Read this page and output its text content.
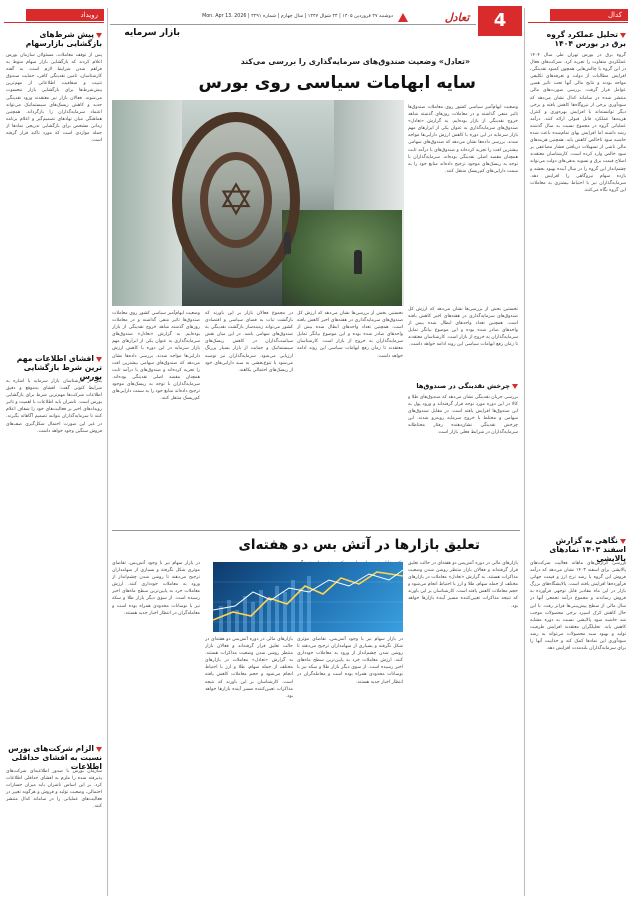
کدال
تحلیل عملکرد گروه برق در بورس ۱۴۰۴
گروه برق در بورس تهران طی سال ۱۴۰۴ عملکردی متفاوت را تجربه کرد. شرکت‌های فعال در این گروه با چالش‌هایی همچون کمبود نقدینگی، افزایش مطالبات از دولت و تعرفه‌های تکلیفی مواجه بودند و نتایج مالی آنها تحت تاثیر همین عوامل قرار گرفت. بررسی صورت‌های مالی منتشر شده در سامانه کدال نشان می‌دهد که سودآوری برخی از نیروگاه‌ها کاهش یافته و برخی دیگر توانسته‌اند با افزایش بهره‌وری و کنترل هزینه‌ها عملکرد قابل قبولی ارائه کنند. درآمد عملیاتی گروه در مجموع نسبت به سال گذشته رشد داشته اما افزایش بهای تمام‌شده باعث شده حاشیه سود ناخالص کاهش یابد. همچنین هزینه‌های مالی ناشی از تسهیلات دریافتی فشار مضاعفی بر سود خالص وارد کرده است. کارشناسان معتقدند اصلاح قیمت برق و تسویه بدهی‌های دولت می‌تواند چشم‌انداز این گروه را در سال آینده بهبود بخشد و بازده سهام نیروگاهی را افزایش دهد. سرمایه‌گذاران نیز با احتیاط بیشتری به معاملات این گروه نگاه می‌کنند.
نگاهی به گزارش اسفند ۱۴۰۳ نمادهای پالایشی
بررسی گزارش‌های ماهانه فعالیت شرکت‌های پالایشی برای اسفند ۱۴۰۳ نشان می‌دهد که درآمد فروش این گروه با رشد نرخ ارز و قیمت جهانی فرآورده‌ها افزایش یافته است. پالایشگاه‌های بزرگ بازار در این ماه مقادیر قابل توجهی فرآورده به فروش رساندند و مجموع درآمد تجمعی آنها در سال مالی از سطح پیش‌بینی‌ها فراتر رفت. با این حال کاهش کرک اسپرد برخی محصولات موجب شد حاشیه سود پالایشی نسبت به دوره مشابه کاهش یابد. تحلیلگران معتقدند افزایش ظرفیت تولید و بهبود سبد محصولات می‌تواند به رشد سودآوری این نمادها کمک کند و جذابیت آنها را برای سرمایه‌گذاران بلندمدت افزایش دهد.
4
تعادل
دوشنبه ۲۷ فروردین ۱۴۰۵ | ۲۴ شوال ۱۴۴۷ | سال چهارم | شماره ۳۲۹۱ | Mon. Apr 13. 2026
بازار سرمایه
«تعادل» وضعیت صندوق‌های سرمایه‌گذاری را بررسی می‌کند
سایه ابهامات سیاسی روی بورس
✡
وضعیت ابهام‌آمیز سیاسی کشور روی معاملات صندوق‌ها تاثیر منفی گذاشته و در معاملات روزهای گذشته شاهد خروج نقدینگی از بازار بوده‌ایم. به گزارش «تعادل» صندوق‌های سرمایه‌گذاری به عنوان یکی از ابزارهای مهم بازار سرمایه در این دوره با کاهش ارزش دارایی‌ها مواجه شدند. بررسی داده‌ها نشان می‌دهد که صندوق‌های سهامی بیشترین افت را تجربه کرده‌اند و صندوق‌های با درآمد ثابت همچنان مقصد اصلی نقدینگی بوده‌اند. سرمایه‌گذاران با توجه به ریسک‌های موجود ترجیح داده‌اند منابع خود را به سمت دارایی‌های کم‌ریسک منتقل کنند.
نخستین بخش از بررسی‌ها نشان می‌دهد که ارزش کل صندوق‌های سرمایه‌گذاری در هفته‌های اخیر کاهش یافته است. همچنین تعداد واحدهای ابطال شده بیش از واحدهای صادر شده بوده و این موضوع بیانگر تمایل سرمایه‌گذاران به خروج از بازار است. کارشناسان معتقدند تا زمان رفع ابهامات سیاسی این روند ادامه خواهد داشت.
چرخش نقدینگی در صندوق‌ها
بررسی جریان نقدینگی نشان می‌دهد که صندوق‌های طلا و کالا در این دوره مورد توجه قرار گرفته‌اند و ورود پول به این صندوق‌ها افزایش یافته است. در مقابل صندوق‌های سهامی و مختلط با خروج سرمایه روبه‌رو شدند. این چرخش نقدینگی نشان‌دهنده رفتار محتاطانه سرمایه‌گذاران در شرایط فعلی بازار است.
نخستین بخش از بررسی‌ها نشان می‌دهد که ارزش کل صندوق‌های سرمایه‌گذاری در هفته‌های اخیر کاهش یافته است. همچنین تعداد واحدهای ابطال شده بیش از واحدهای صادر شده بوده و این موضوع بیانگر تمایل سرمایه‌گذاران به خروج از بازار است. کارشناسان معتقدند تا زمان رفع ابهامات سیاسی این روند ادامه خواهد داشت.
در مجموع فعالان بازار بر این باورند که بازگشت ثبات به فضای سیاسی و اقتصادی کشور می‌تواند زمینه‌ساز بازگشت نقدینگی به صندوق‌های سهامی باشد. در این میان نقش سیاست‌گذاران در کاهش ریسک‌های سیستماتیک و حمایت از بازار بسیار پررنگ ارزیابی می‌شود. سرمایه‌گذاران نیز توصیه می‌شود با تنوع‌بخشی به سبد دارایی‌های خود از ریسک‌های احتمالی بکاهند.
وضعیت ابهام‌آمیز سیاسی کشور روی معاملات صندوق‌ها تاثیر منفی گذاشته و در معاملات روزهای گذشته شاهد خروج نقدینگی از بازار بوده‌ایم. به گزارش «تعادل» صندوق‌های سرمایه‌گذاری به عنوان یکی از ابزارهای مهم بازار سرمایه در این دوره با کاهش ارزش دارایی‌ها مواجه شدند. بررسی داده‌ها نشان می‌دهد که صندوق‌های سهامی بیشترین افت را تجربه کرده‌اند و صندوق‌های با درآمد ثابت همچنان مقصد اصلی نقدینگی بوده‌اند. سرمایه‌گذاران با توجه به ریسک‌های موجود ترجیح داده‌اند منابع خود را به سمت دارایی‌های کم‌ریسک منتقل کنند.
تعلیق بازارها در آتش بس دو هفته‌ای
بازارهای مالی در دوره آتش‌بس دو هفته‌ای در حالت تعلیق قرار گرفته‌اند و فعالان بازار منتظر روشن شدن وضعیت مذاکرات هستند. به گزارش «تعادل» معاملات در بازارهای مختلف از جمله سهام، طلا و ارز با احتیاط انجام می‌شود و حجم معاملات کاهش یافته است. کارشناسان بر این باورند که نتیجه مذاکرات تعیین‌کننده مسیر آینده بازارها خواهد بود.
در بازار سهام نیز با وجود آتش‌بس، تقاضای موثری شکل نگرفته و بسیاری از سهامداران ترجیح می‌دهند تا روشن شدن چشم‌انداز از ورود به معاملات خودداری کنند. ارزش معاملات خرد به پایین‌ترین سطح ماه‌های اخیر رسیده است. از سوی دیگر بازار طلا و سکه نیز با نوسانات محدودی همراه بوده است و معامله‌گران در انتظار اخبار جدید هستند.
بازارهای مالی در دوره آتش‌بس دو هفته‌ای در حالت تعلیق قرار گرفته‌اند و فعالان بازار منتظر روشن شدن وضعیت مذاکرات هستند. به گزارش «تعادل» معاملات در بازارهای مختلف از جمله سهام، طلا و ارز با احتیاط انجام می‌شود و حجم معاملات کاهش یافته است. کارشناسان بر این باورند که نتیجه مذاکرات تعیین‌کننده مسیر آینده بازارها خواهد بود.
در بازار سهام نیز با وجود آتش‌بس، تقاضای موثری شکل نگرفته و بسیاری از سهامداران ترجیح می‌دهند تا روشن شدن چشم‌انداز از ورود به معاملات خودداری کنند. ارزش معاملات خرد به پایین‌ترین سطح ماه‌های اخیر رسیده است. از سوی دیگر بازار طلا و سکه نیز با نوسانات محدودی همراه بوده است و معامله‌گران در انتظار اخبار جدید هستند.
رویداد
پیش شرط‌های بازگشایی بازارسهام
پس از توقف معاملات، مسئولان سازمان بورس اعلام کردند که بازگشایی بازار سهام منوط به فراهم شدن شرایط لازم است. به گفته کارشناسان، تامین نقدینگی کافی، حمایت صندوق تثبیت و شفافیت اطلاعاتی از مهم‌ترین پیش‌شرط‌ها برای بازگشایی بازار محسوب می‌شوند. فعالان بازار نیز معتقدند ورود نقدینگی جدید و کاهش ریسک‌های سیستماتیک می‌تواند اعتماد سرمایه‌گذاران را بازگرداند. همچنین هماهنگی میان نهادهای تصمیم‌گیر و اعلام برنامه زمانی مشخص برای بازگشایی تدریجی نمادها از جمله مواردی است که مورد تاکید قرار گرفته است.
افشای اطلاعات مهم ترین شرط بازگشایی بورس
یکی از کارشناسان بازار سرمایه با اشاره به شرایط کنونی گفت: افشای به‌موقع و دقیق اطلاعات شرکت‌ها مهم‌ترین شرط برای بازگشایی بورس است. ناشران باید اطلاعات با اهمیت و تاثیر رویدادهای اخیر بر فعالیت‌های خود را شفاف اعلام کنند تا سرمایه‌گذاران بتوانند تصمیم آگاهانه بگیرند. در غیر این صورت احتمال شکل‌گیری صف‌های فروش سنگین وجود خواهد داشت.
الزام شرکت‌های بورس نسبت به افشای حداقلی اطلاعات
سازمان بورس با صدور اطلاعیه‌ای شرکت‌های پذیرفته شده را ملزم به افشای حداقلی اطلاعات کرد. بر این اساس ناشران باید میزان خسارات احتمالی، وضعیت تولید و فروش و هرگونه تغییر در فعالیت‌های عملیاتی را در سامانه کدال منتشر کنند.
